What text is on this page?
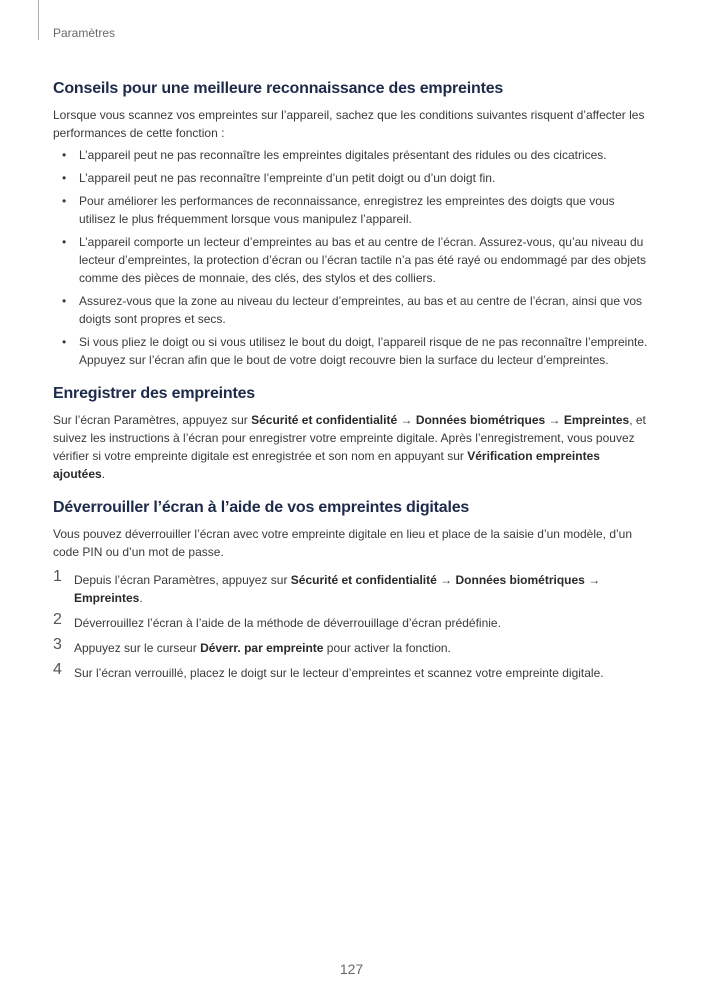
Paramètres
Conseils pour une meilleure reconnaissance des empreintes

Lorsque vous scannez vos empreintes sur l’appareil, sachez que les conditions suivantes risquent d’affecter les performances de cette fonction :

• L’appareil peut ne pas reconnaître les empreintes digitales présentant des ridules ou des cicatrices.
• L’appareil peut ne pas reconnaître l’empreinte d’un petit doigt ou d’un doigt fin.
• Pour améliorer les performances de reconnaissance, enregistrez les empreintes des doigts que vous utilisez le plus fréquemment lorsque vous manipulez l’appareil.
• L’appareil comporte un lecteur d’empreintes au bas et au centre de l’écran. Assurez-vous, qu’au niveau du lecteur d’empreintes, la protection d’écran ou l’écran tactile n’a pas été rayé ou endommagé par des objets comme des pièces de monnaie, des clés, des stylos et des colliers.
• Assurez-vous que la zone au niveau du lecteur d’empreintes, au bas et au centre de l’écran, ainsi que vos doigts sont propres et secs.
• Si vous pliez le doigt ou si vous utilisez le bout du doigt, l’appareil risque de ne pas reconnaître l’empreinte. Appuyez sur l’écran afin que le bout de votre doigt recouvre bien la surface du lecteur d’empreintes.
Enregistrer des empreintes

Sur l’écran Paramètres, appuyez sur Sécurité et confidentialité → Données biométriques → Empreintes, et suivez les instructions à l’écran pour enregistrer votre empreinte digitale. Après l’enregistrement, vous pouvez vérifier si votre empreinte digitale est enregistrée et son nom en appuyant sur Vérification empreintes ajoutées.

Déverrouiller l’écran à l’aide de vos empreintes digitales

Vous pouvez déverrouiller l’écran avec votre empreinte digitale en lieu et place de la saisie d’un modèle, d’un code PIN ou d’un mot de passe.

1 Depuis l’écran Paramètres, appuyez sur Sécurité et confidentialité → Données biométriques →
Empreintes.
2 Déverrouillez l’écran à l’aide de la méthode de déverrouillage d’écran prédéfinie.
3 Appuyez sur le curseur Déverr. par empreinte pour activer la fonction.
4 Sur l’écran verrouillé, placez le doigt sur le lecteur d’empreintes et scannez votre empreinte digitale.
127
